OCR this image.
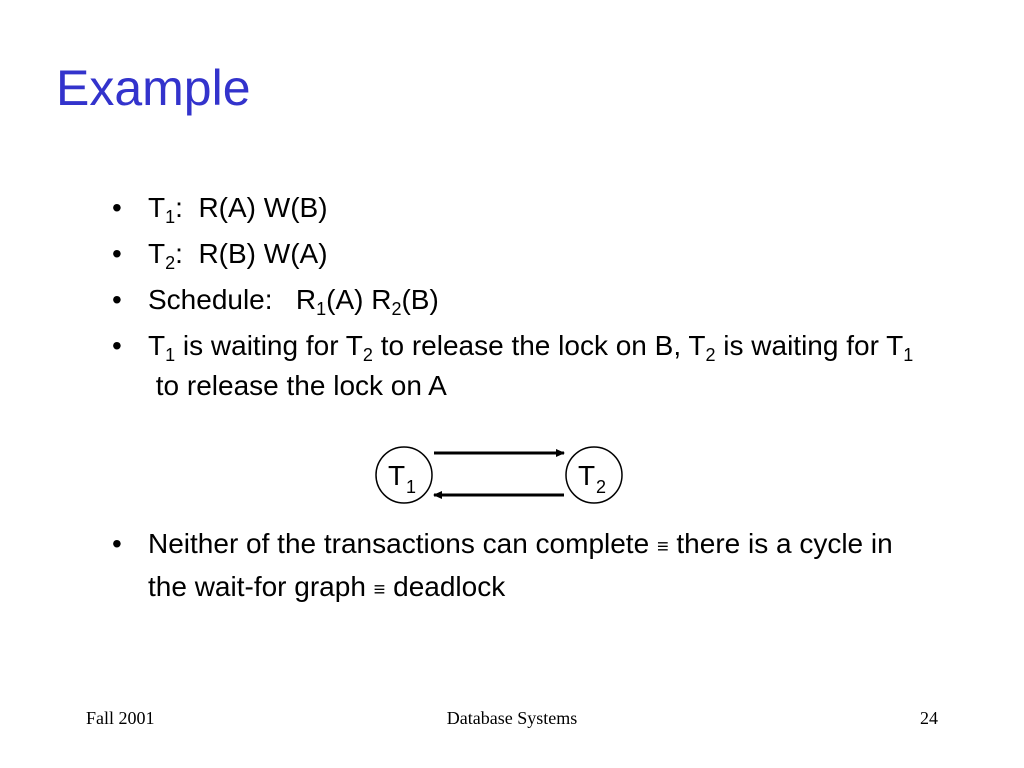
Example
• $T_1$:  R(A) W(B)
• $T_2$:  R(B) W(A)
• Schedule:   $R_1(A)$ $R_2(B)$
• $T_1$ is waiting for $T_2$ to release the lock on B, $T_2$ is waiting for $T_1$ to release the lock on A
T 1	T 2
• Neither of the transactions can complete ≡ there is a cycle in the wait-for graph ≡ deadlock
Fall 2001	Database Systems	24
